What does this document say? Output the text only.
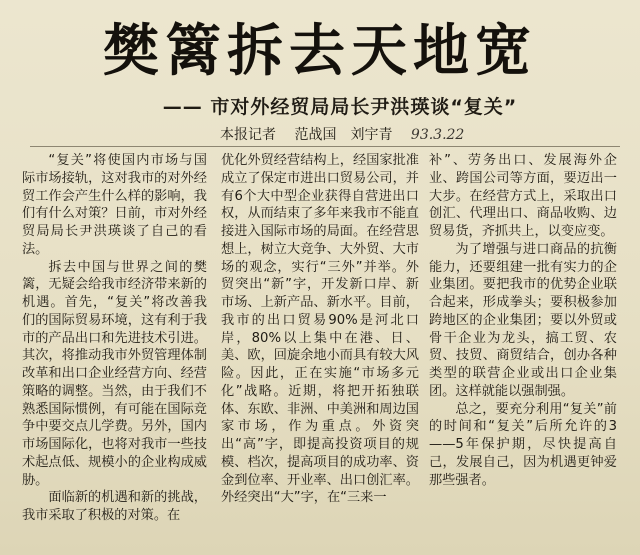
樊篱拆去天地宽
—— 市对外经贸局局长尹洪瑛谈“复关”
本报记者 范战国　刘宇青 93.3.22

“复关”将使国内市场与国际市场接轨，这对我市的对外经贸工作会产生什么样的影响，我们有什么对策？日前，市对外经贸局局长尹洪瑛谈了自己的看法。

拆去中国与世界之间的樊篱，无疑会给我市经济带来新的机遇。首先，“复关”将改善我们的国际贸易环境，这有利于我市的产品出口和先进技术引进。其次，将推动我市外贸管理体制改革和出口企业经营方向、经营策略的调整。当然，由于我们不熟悉国际惯例，有可能在国际竞争中要交点儿学费。另外，国内市场国际化，也将对我市一些技术起点低、规模小的企业构成威胁。

面临新的机遇和新的挑战，我市采取了积极的对策。在

优化外贸经营结构上，经国家批准成立了保定市进出口贸易公司，并有6个大中型企业获得自营进出口权，从而结束了多年来我市不能直接进入国际市场的局面。在经营思想上，树立大竞争、大外贸、大市场的观念，实行“三外”并举。外贸突出“新”字，开发新口岸、新市场、上新产品、新水平。目前，我市的出口贸易90%是河北口岸，80%以上集中在港、日、美、欧，回旋余地小而具有较大风险。因此，正在实施“市场多元化”战略。近期，将把开拓独联体、东欧、非洲、中美洲和周边国家市场，作为重点。外资突出“高”字，即提高投资项目的规模、档次，提高项目的成功率、资金到位率、开业率、出口创汇率。外经突出“大”字，在“三来一

补”、劳务出口、发展海外企业、跨国公司等方面，要迈出一大步。在经营方式上，采取出口创汇、代理出口、商品收购、边贸易货，齐抓共上，以变应变。

为了增强与进口商品的抗衡能力，还要组建一批有实力的企业集团。要把我市的优势企业联合起来，形成拳头；要积极参加跨地区的企业集团；要以外贸或骨干企业为龙头，搞工贸、农贸、技贸、商贸结合，创办各种类型的联营企业或出口企业集团。这样就能以强制强。

总之，要充分利用“复关”前的时间和“复关”后所允许的3——5年保护期，尽快提高自己，发展自己，因为机遇更钟爱那些强者。
